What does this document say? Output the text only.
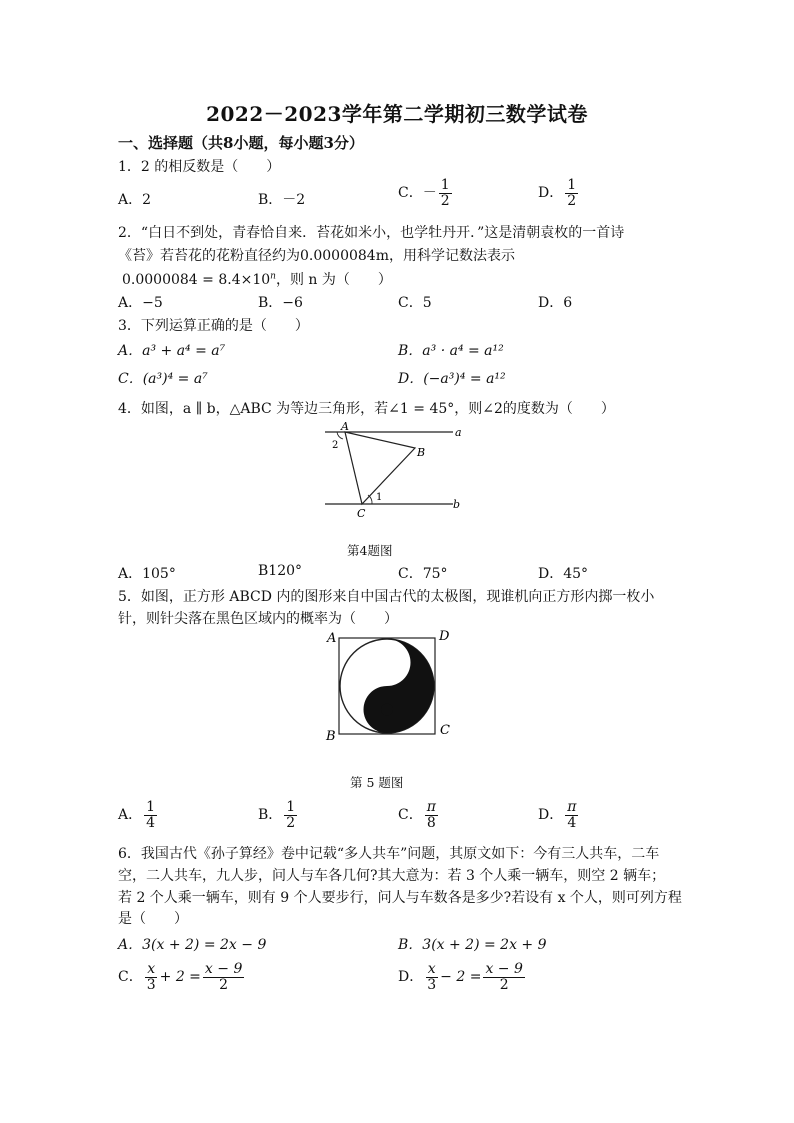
2022－2023学年第二学期初三数学试卷
一、选择题（共8小题，每小题3分）
1．2 的相反数是（　　）
A．2	B．－2	C．－ $\frac{1}{2}$	D． $\frac{1}{2}$
2．“白日不到处，青春恰自来．苔花如米小，也学牡丹开．”这是清朝袁枚的一首诗
《苔》若苔花的花粉直径约为0.0000084m，用科学记数法表示
$0.0000084 = 8.4\times 10^n$，则 n 为（　　）
A．−5	B．−6	C．5	D．6
3．下列运算正确的是（　　）
A．a³ + a⁴ = a⁷	B．a³ · a⁴ = a¹²
C．(a³)⁴ = a⁷	D．(−a³)⁴ = a¹²
4．如图，a ∥ b，△ABC 为等边三角形，若∠1 = 45°，则∠2的度数为（　　）
A
B
C
a
b
1
2
第4题图
A．105°	B120°	C．75°	D．45°
5．如图，正方形 ABCD 内的图形来自中国古代的太极图，现谁机向正方形内掷一枚小
针，则针尖落在黑色区域内的概率为（　　）
A	D
B	C
第 5 题图
A． $\frac{1}{4}$	B． $\frac{1}{2}$	C． $\frac{\pi}{8}$	D． $\frac{\pi}{4}$
6．我国古代《孙子算经》卷中记载“多人共车”问题，其原文如下：今有三人共车，二车
空，二人共车，九人步，问人与车各几何?其大意为：若 3 个人乘一辆车，则空 2 辆车；
若 2 个人乘一辆车，则有 9 个人要步行，问人与车数各是多少?若设有 x 个人，则可列方程
是（　　）
A．3(x + 2) = 2x − 9	B．3(x + 2) = 2x + 9
C． $\frac{x}{3} + 2 = \frac{x - 9}{2}$	D． $\frac{x}{3} - 2 = \frac{x - 9}{2}$
